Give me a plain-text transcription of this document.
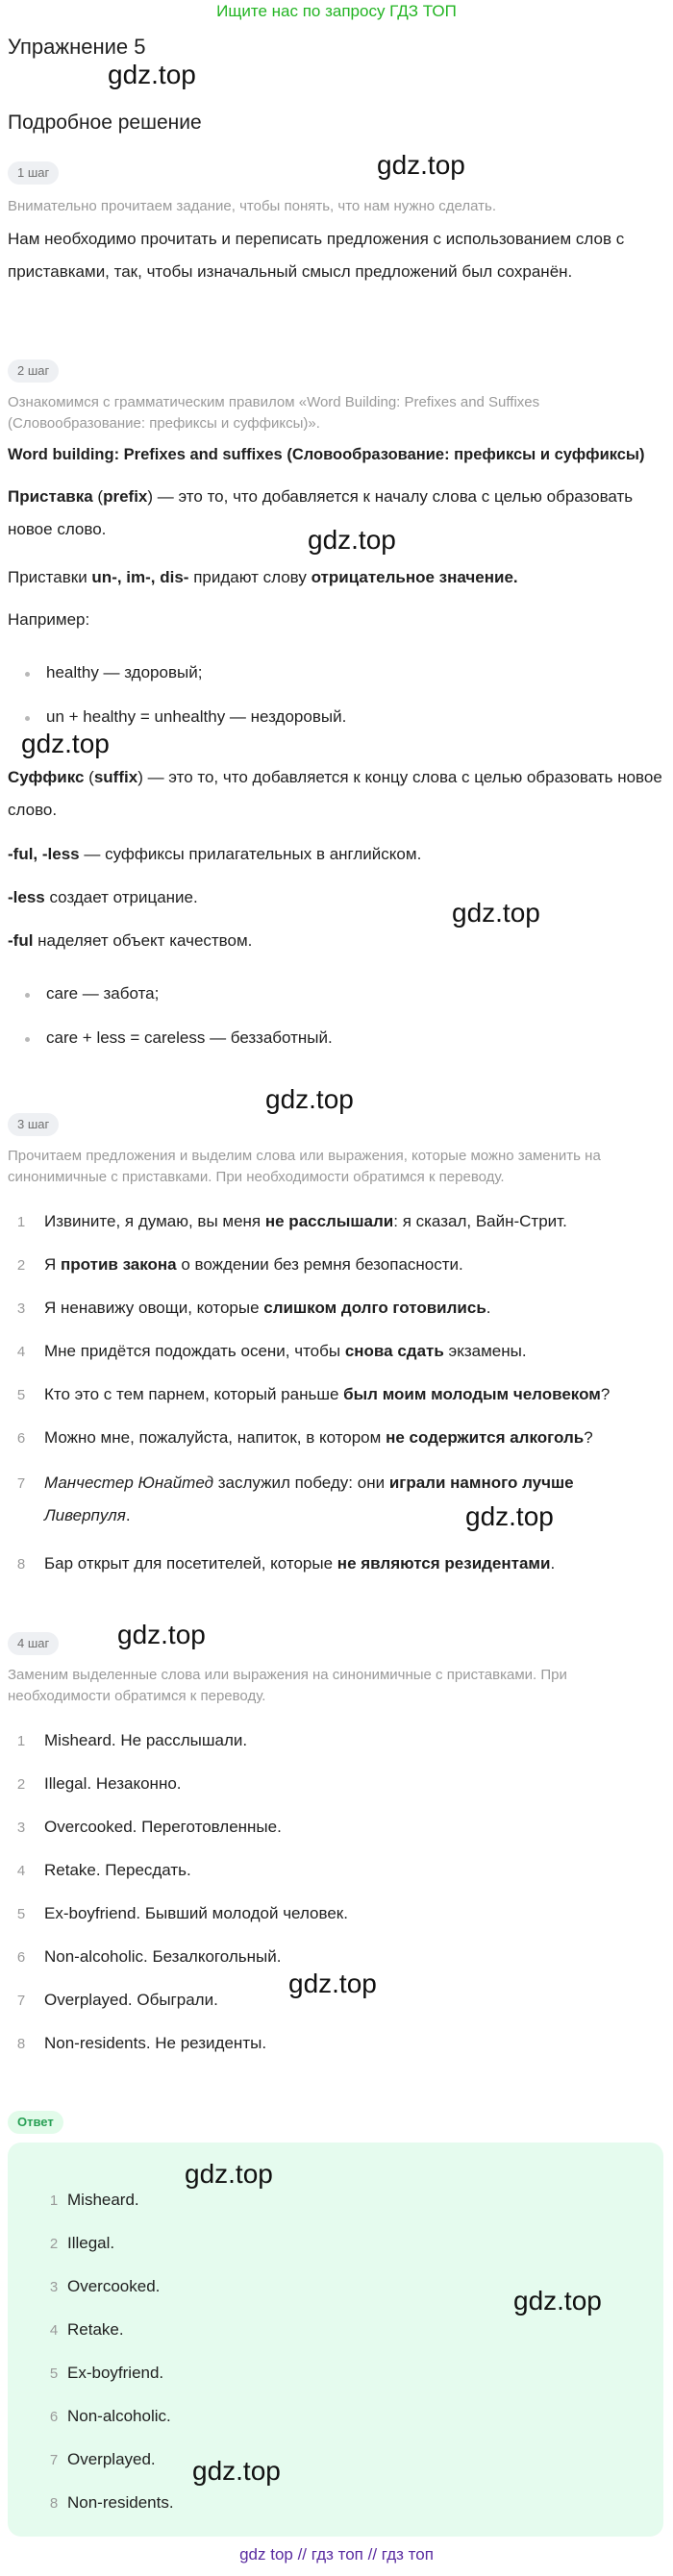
Ищите нас по запросу ГДЗ ТОП
Упражнение 5
gdz.top
Подробное решение
1 шаг	gdz.top
Внимательно прочитаем задание, чтобы понять, что нам нужно сделать.
Нам необходимо прочитать и переписать предложения с использованием слов с приставками, так, чтобы изначальный смысл предложений был сохранён.
2 шаг
Ознакомимся с грамматическим правилом «Word Building: Prefixes and Suffixes (Словообразование: префиксы и суффиксы)».
Word building: Prefixes and suffixes (Словообразование: префиксы и суффиксы)
Приставка (prefix) — это то, что добавляется к началу слова с целью образовать новое слово.	gdz.top
Приставки un-, im-, dis- придают слову отрицательное значение.
Например:
healthy — здоровый;
un + healthy = unhealthy — нездоровый.
gdz.top
Суффикс (suffix) — это то, что добавляется к концу слова с целью образовать новое слово.
-ful, -less — суффиксы прилагательных в английском.
-less создает отрицание.
gdz.top
-ful наделяет объект качеством.
care — забота;
care + less = careless — беззаботный.
gdz.top
3 шаг
Прочитаем предложения и выделим слова или выражения, которые можно заменить на синонимичные с приставками. При необходимости обратимся к переводу.
1 Извините, я думаю, вы меня не расслышали: я сказал, Вайн-Стрит.
2 Я против закона о вождении без ремня безопасности.
3 Я ненавижу овощи, которые слишком долго готовились.
4 Мне придётся подождать осени, чтобы снова сдать экзамены.
5 Кто это с тем парнем, который раньше был моим молодым человеком?
6 Можно мне, пожалуйста, напиток, в котором не содержится алкоголь?
7 Манчестер Юнайтед заслужил победу: они играли намного лучше
Ливерпуля.	gdz.top
8 Бар открыт для посетителей, которые не являются резидентами.
4 шаг	gdz.top
Заменим выделенные слова или выражения на синонимичные с приставками. При необходимости обратимся к переводу.
1 Misheard. Не расслышали.
2 Illegal. Незаконно.
3 Overcooked. Переготовленные.
4 Retake. Пересдать.
5 Ex-boyfriend. Бывший молодой человек.
6 Non-alcoholic. Безалкогольный.
gdz.top
7 Overplayed. Обыграли.
8 Non-residents. Не резиденты.
Ответ
gdz.top
gdz.top
gdz.top
1 Misheard.
2 Illegal.
3 Overcooked.
4 Retake.
5 Ex-boyfriend.
6 Non-alcoholic.
7 Overplayed.
8 Non-residents.
gdz top // гдз топ // гдз топ
